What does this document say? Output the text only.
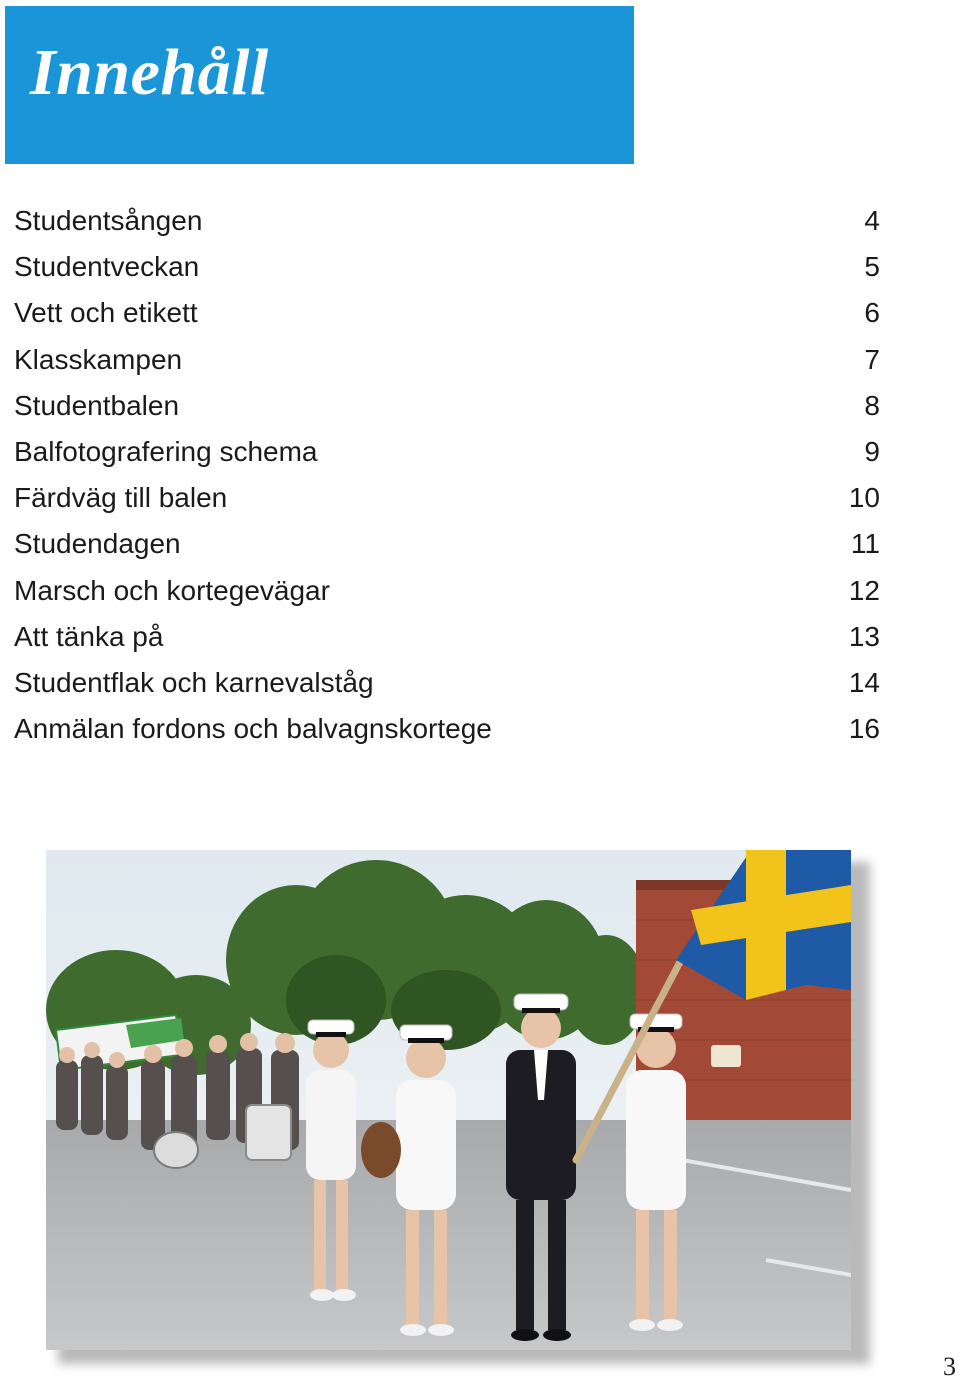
Innehåll
Studentsången	4
Studentveckan	5
Vett och etikett	6
Klasskampen	7
Studentbalen	8
Balfotografering schema	9
Färdväg till balen	10
Studendagen	11
Marsch och kortegevägar	12
Att tänka på	13
Studentflak och karnevalståg	14
Anmälan fordons och balvagnskortege	16
3
